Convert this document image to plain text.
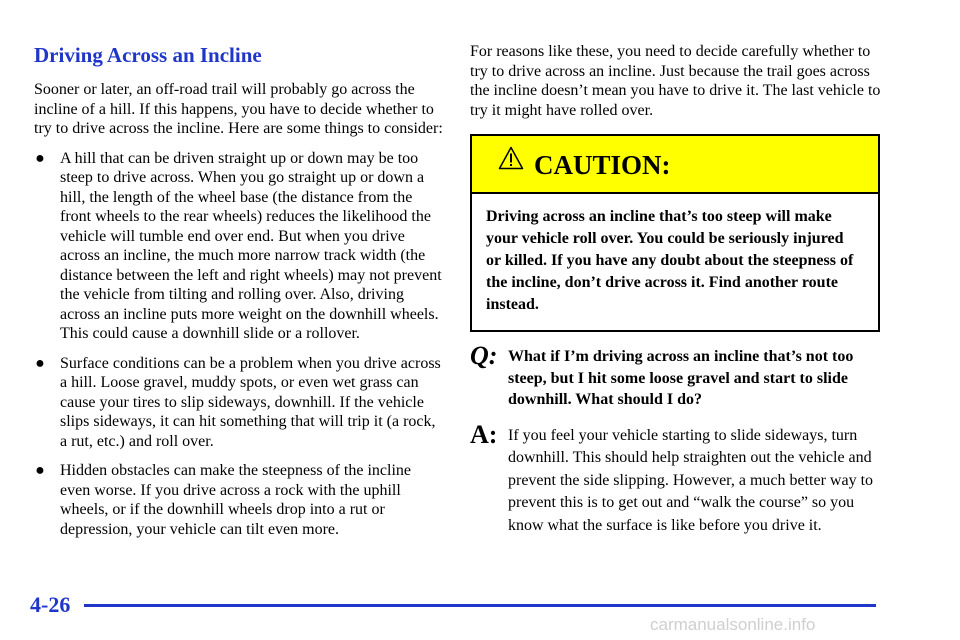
Driving Across an Incline

Sooner or later, an off-road trail will probably go across the incline of a hill. If this happens, you have to decide whether to try to drive across the incline. Here are some things to consider:

● A hill that can be driven straight up or down may be too steep to drive across. When you go straight up or down a hill, the length of the wheel base (the distance from the front wheels to the rear wheels) reduces the likelihood the vehicle will tumble end over end. But when you drive across an incline, the much more narrow track width (the distance between the left and right wheels) may not prevent the vehicle from tilting and rolling over. Also, driving across an incline puts more weight on the downhill wheels. This could cause a downhill slide or a rollover.
● Surface conditions can be a problem when you drive across a hill. Loose gravel, muddy spots, or even wet grass can cause your tires to slip sideways, downhill. If the vehicle slips sideways, it can hit something that will trip it (a rock, a rut, etc.) and roll over.
● Hidden obstacles can make the steepness of the incline even worse. If you drive across a rock with the uphill wheels, or if the downhill wheels drop into a rut or depression, your vehicle can tilt even more.

For reasons like these, you need to decide carefully whether to try to drive across an incline. Just because the trail goes across the incline doesn’t mean you have to drive it. The last vehicle to try it might have rolled over.

CAUTION:
Driving across an incline that’s too steep will make your vehicle roll over. You could be seriously injured or killed. If you have any doubt about the steepness of the incline, don’t drive across it. Find another route instead.
Q: What if I’m driving across an incline that’s not too steep, but I hit some loose gravel and start to slide downhill. What should I do?
A: If you feel your vehicle starting to slide sideways, turn downhill. This should help straighten out the vehicle and prevent the side slipping. However, a much better way to prevent this is to get out and “walk the course” so you know what the surface is like before you drive it.
4-26
carmanualsonline.info
